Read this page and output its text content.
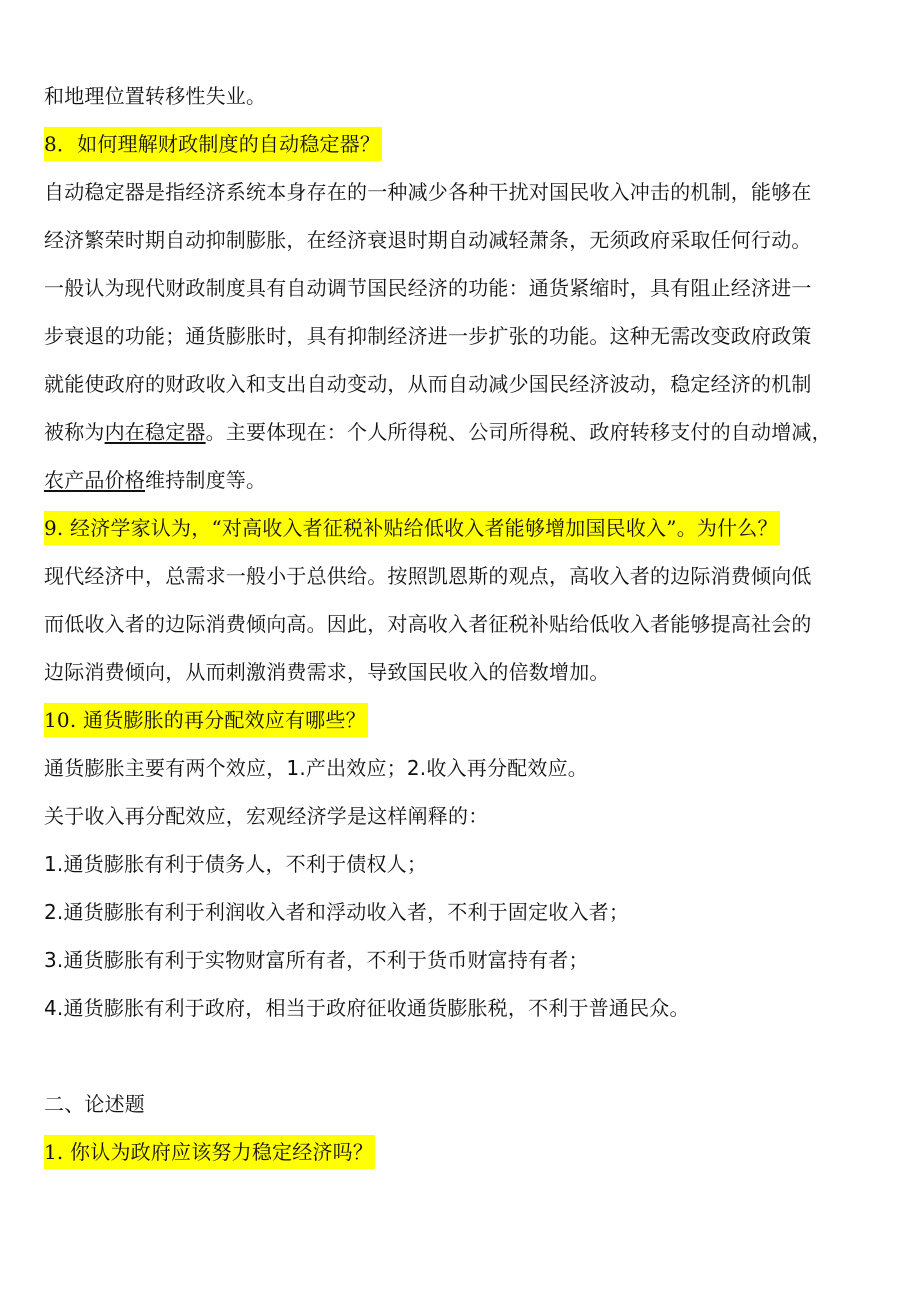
和地理位置转移性失业。
8．如何理解财政制度的自动稳定器？
自动稳定器是指经济系统本身存在的一种减少各种干扰对国民收入冲击的机制，能够在
经济繁荣时期自动抑制膨胀，在经济衰退时期自动减轻萧条，无须政府采取任何行动。
一般认为现代财政制度具有自动调节国民经济的功能：通货紧缩时，具有阻止经济进一
步衰退的功能；通货膨胀时，具有抑制经济进一步扩张的功能。这种无需改变政府政策
就能使政府的财政收入和支出自动变动，从而自动减少国民经济波动，稳定经济的机制
被称为内在稳定器。主要体现在：个人所得税、公司所得税、政府转移支付的自动增减，
农产品价格维持制度等。
9. 经济学家认为，“对高收入者征税补贴给低收入者能够增加国民收入”。为什么？
现代经济中，总需求一般小于总供给。按照凯恩斯的观点，高收入者的边际消费倾向低
而低收入者的边际消费倾向高。因此，对高收入者征税补贴给低收入者能够提高社会的
边际消费倾向，从而刺激消费需求，导致国民收入的倍数增加。
10. 通货膨胀的再分配效应有哪些？
通货膨胀主要有两个效应，1.产出效应；2.收入再分配效应。
关于收入再分配效应，宏观经济学是这样阐释的：
1.通货膨胀有利于债务人，不利于债权人；
2.通货膨胀有利于利润收入者和浮动收入者，不利于固定收入者；
3.通货膨胀有利于实物财富所有者，不利于货币财富持有者；
4.通货膨胀有利于政府，相当于政府征收通货膨胀税，不利于普通民众。
二、论述题
1. 你认为政府应该努力稳定经济吗？
